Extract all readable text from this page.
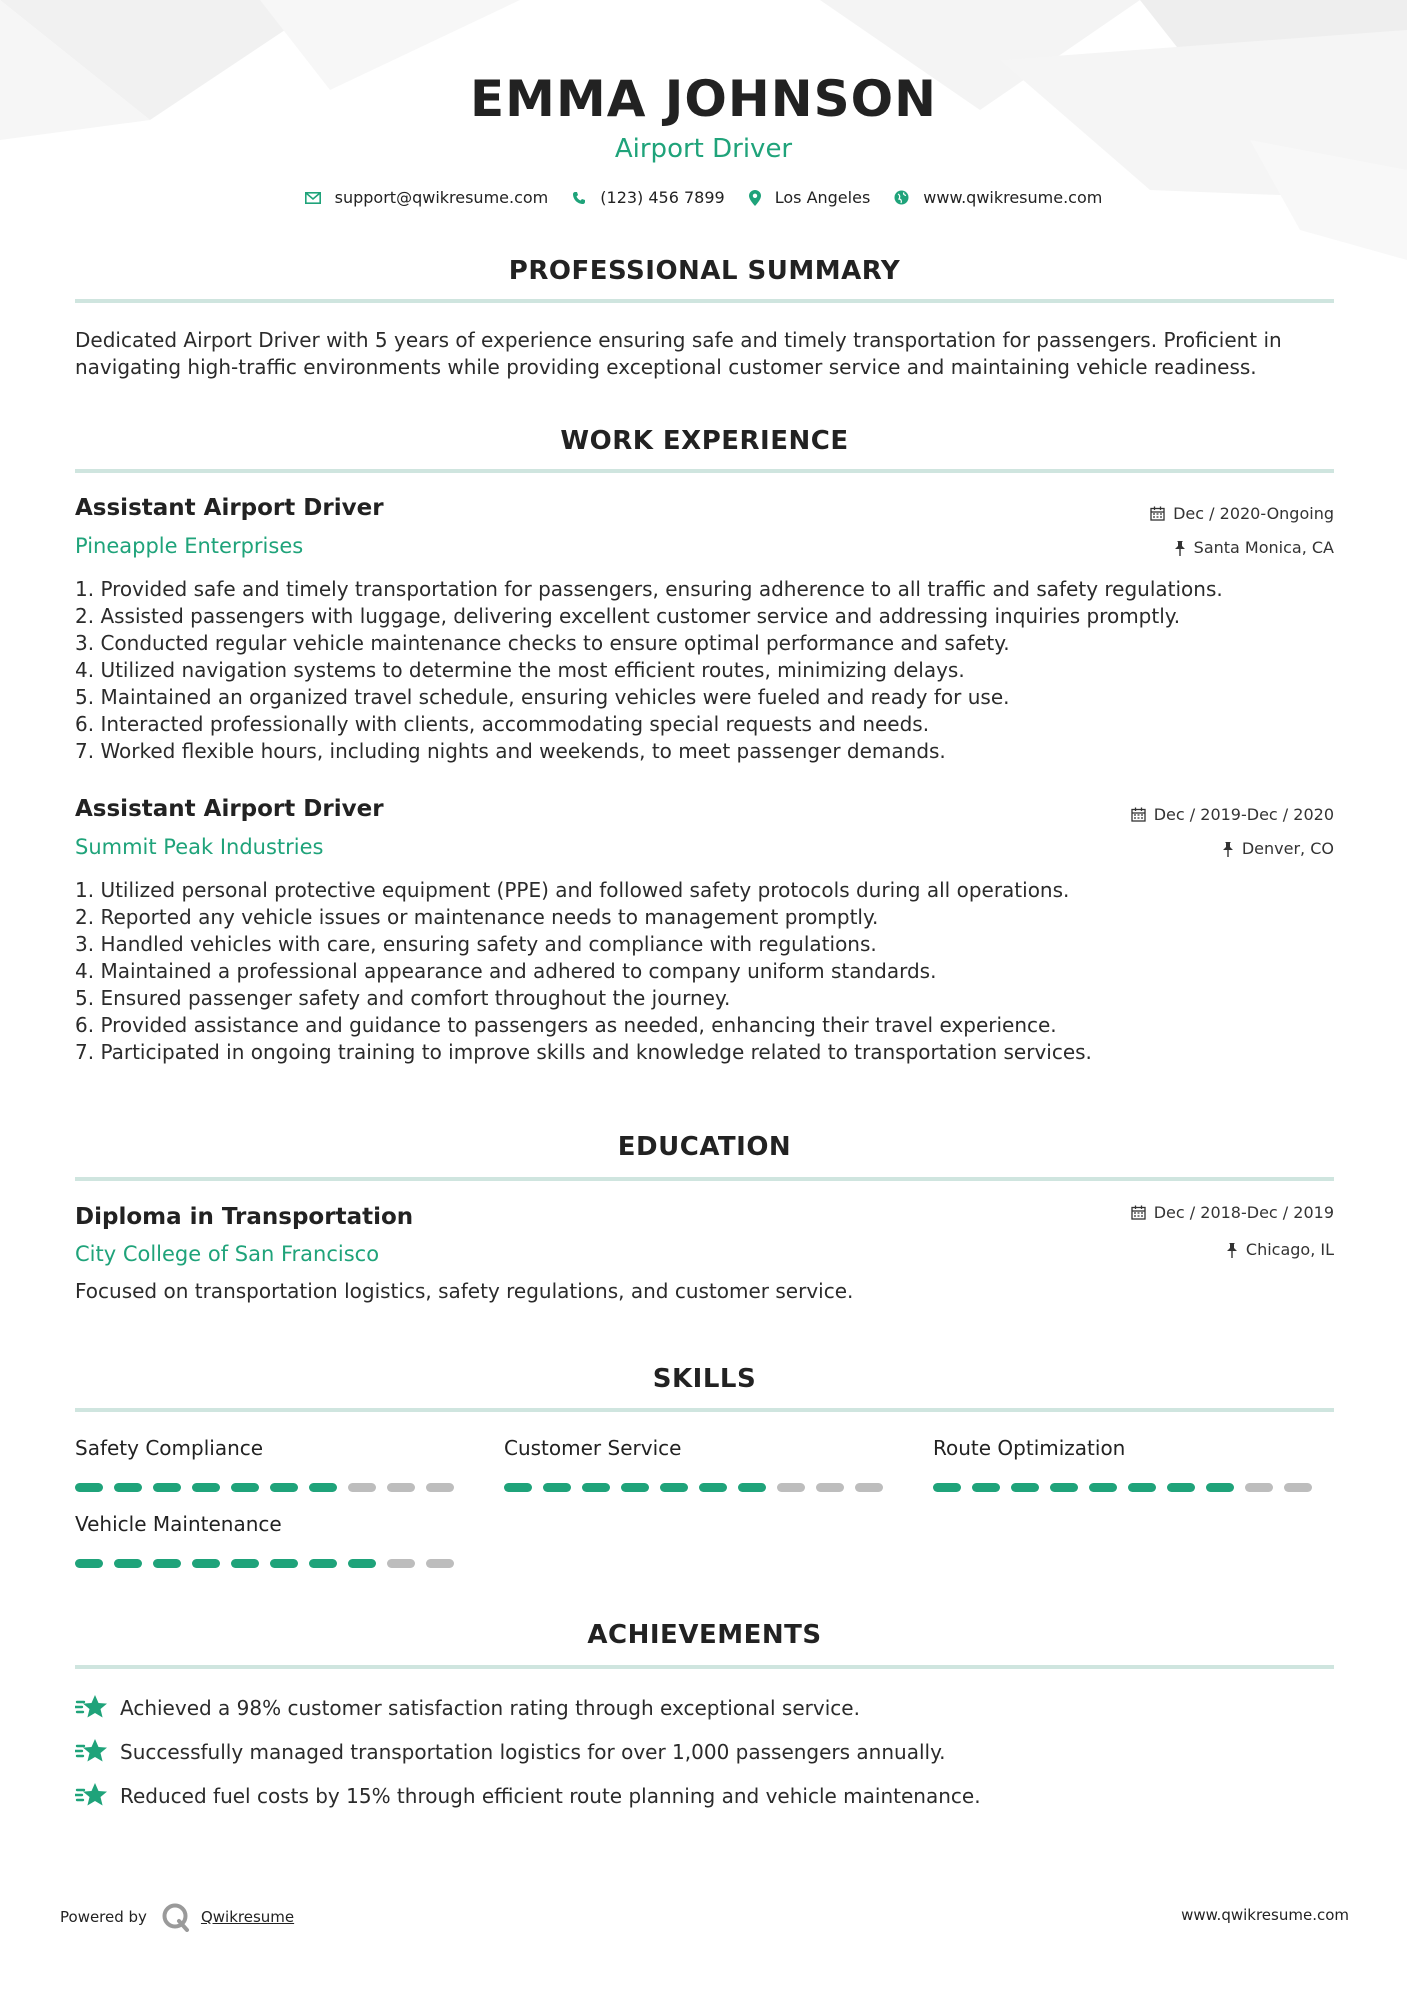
EMMA JOHNSON
Airport Driver
support@qwikresume.com	(123) 456 7899	Los Angeles	www.qwikresume.com
PROFESSIONAL SUMMARY
Dedicated Airport Driver with 5 years of experience ensuring safe and timely transportation for passengers. Proficient in navigating high-traffic environments while providing exceptional customer service and maintaining vehicle readiness.
WORK EXPERIENCE
Assistant Airport Driver	Dec / 2020-Ongoing
Pineapple Enterprises	Santa Monica, CA
1. Provided safe and timely transportation for passengers, ensuring adherence to all traffic and safety regulations.
2. Assisted passengers with luggage, delivering excellent customer service and addressing inquiries promptly.
3. Conducted regular vehicle maintenance checks to ensure optimal performance and safety.
4. Utilized navigation systems to determine the most efficient routes, minimizing delays.
5. Maintained an organized travel schedule, ensuring vehicles were fueled and ready for use.
6. Interacted professionally with clients, accommodating special requests and needs.
7. Worked flexible hours, including nights and weekends, to meet passenger demands.
Assistant Airport Driver	Dec / 2019-Dec / 2020
Summit Peak Industries	Denver, CO
1. Utilized personal protective equipment (PPE) and followed safety protocols during all operations.
2. Reported any vehicle issues or maintenance needs to management promptly.
3. Handled vehicles with care, ensuring safety and compliance with regulations.
4. Maintained a professional appearance and adhered to company uniform standards.
5. Ensured passenger safety and comfort throughout the journey.
6. Provided assistance and guidance to passengers as needed, enhancing their travel experience.
7. Participated in ongoing training to improve skills and knowledge related to transportation services.
EDUCATION
Diploma in Transportation	Dec / 2018-Dec / 2019
City College of San Francisco	Chicago, IL
Focused on transportation logistics, safety regulations, and customer service.
SKILLS
Safety Compliance	Customer Service	Route Optimization
Vehicle Maintenance
ACHIEVEMENTS
Achieved a 98% customer satisfaction rating through exceptional service.
Successfully managed transportation logistics for over 1,000 passengers annually.
Reduced fuel costs by 15% through efficient route planning and vehicle maintenance.
Powered by	Qwikresume	www.qwikresume.com
